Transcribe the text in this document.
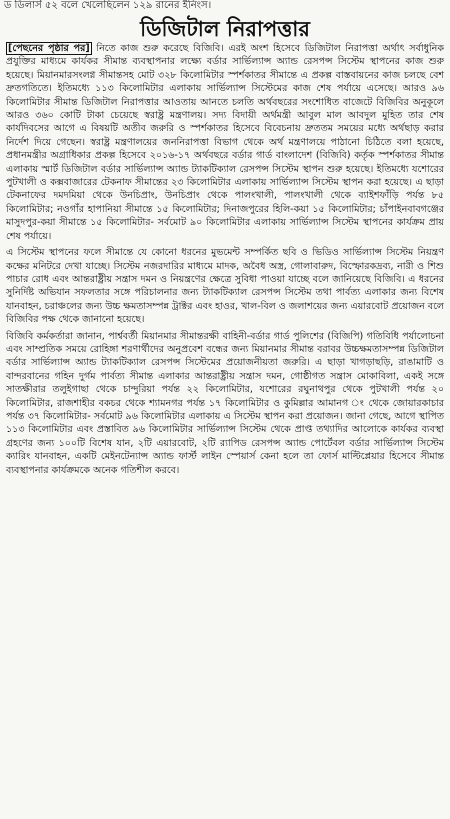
ড ডিলার্স ৫২ বলে খেলেছিলেন ১২৯ রানের ইনিংস।
ডিজিটাল নিরাপত্তার

[পেছনের পৃষ্ঠার পর] নিতে কাজ শুরু করেছে বিজিবি। এরই অংশ হিসেবে ডিজিটাল নিরাপত্তা অর্থাৎ সর্বাধুনিক প্রযুক্তির মাধ্যমে কার্যকর সীমান্ত ব্যবস্থাপনার লক্ষ্যে বর্ডার সার্ভিল্যান্স অ্যান্ড রেসপন্স সিস্টেম স্থাপনের কাজ শুরু হয়েছে। মিয়ানমারসংলগ্ন সীমান্তসহ মোট ৩২৮ কিলোমিটার স্পর্শকাতর সীমান্তে এ প্রকল্প বাস্তবায়নের কাজ চলছে বেশ দ্রুতগতিতে। ইতিমধ্যে ১১৩ কিলোমিটার এলাকায় সার্ভিল্যান্স সিস্টেমের কাজ শেষ পর্যায়ে এসেছে। আরও ৯৬ কিলোমিটার সীমান্ত ডিজিটাল নিরাপত্তার আওতায় আনতে চলতি অর্থবছরের সংশোধিত বাজেটে বিজিবির অনুকূলে আরও ৩৬০ কোটি টাকা চেয়েছে স্বরাষ্ট্র মন্ত্রণালয়। সদ্য বিদায়ী অর্থমন্ত্রী আবুল মাল আবদুল মুহিত তার শেষ কার্যদিবসের আগে এ বিষয়টি অতীব জরুরি ও স্পর্শকাতর হিসেবে বিবেচনায় দ্রুততম সময়ের মধ্যে অর্থছাড় করার নির্দেশ দিয়ে গেছেন। স্বরাষ্ট্র মন্ত্রণালয়ের জননিরাপত্তা বিভাগ থেকে অর্থ মন্ত্রণালয়ে পাঠানো চিঠিতে বলা হয়েছে, প্রধানমন্ত্রীর অগ্রাধিকার প্রকল্প হিসেবে ২০১৬-১৭ অর্থবছরে বর্ডার গার্ড বাংলাদেশ (বিজিবি) কর্তৃক স্পর্শকাতর সীমান্ত এলাকায় স্মার্ট ডিজিটাল বর্ডার সার্ভিল্যান্স অ্যান্ড ট্যাকটিক্যাল রেসপন্স সিস্টেম স্থাপন শুরু হয়েছে। ইতিমধ্যে যশোরের পুটখালী ও কক্সবাজারের টেকনাফ সীমান্তের ২৩ কিলোমিটার এলাকায় সার্ভিল্যান্স সিস্টেম স্থাপন করা হয়েছে। এ ছাড়া টেকনাফের দমদমিয়া থেকে উনচিপ্রাং, উনচিপ্রাং থেকে পালংখালী, পালংখালী থেকে ব্যাইশফাঁড়ি পর্যন্ত ৮৫ কিলোমিটার; নওগাঁর হাপানিয়া সীমান্তে ১৫ কিলোমিটার; দিনাজপুরের হিলি-কয়া ১৫ কিলোমিটার; চাঁপাইনবাবগঞ্জের মাসুদপুর-কয়া সীমান্তে ১৫ কিলোমিটার- সর্বমোট ৯০ কিলোমিটার এলাকায় সার্ভিল্যান্স সিস্টেম স্থাপনের কার্যক্রম প্রায় শেষ পর্যায়ে।

এ সিস্টেম স্থাপনের ফলে সীমান্তে যে কোনো ধরনের মুভমেন্ট সম্পর্কিত ছবি ও ভিডিও সার্ভিল্যান্স সিস্টেম নিয়ন্ত্রণ কক্ষের মনিটরে দেখা যাচ্ছে। সিস্টেম নজরদারির মাধ্যমে মাদক, অবৈধ অস্ত্র, গোলাবারুদ, বিস্ফোরকদ্রব্য, নারী ও শিশু পাচার রোধ এবং আন্তরাষ্ট্রীয় সন্ত্রাস দমন ও নিয়ন্ত্রণের ক্ষেত্রে সুবিধা পাওয়া যাচ্ছে বলে জানিয়েছে বিজিবি। এ ধরনের সুনির্দিষ্ট অভিযান সফলতার সঙ্গে পরিচালনার জন্য ট্যাকটিক্যাল রেসপন্স সিস্টেম তথা পার্বত্য এলাকার জন্য বিশেষ যানবাহন, চরাঞ্চলের জন্য উচ্চ ক্ষমতাসম্পন্ন ট্রাক্টর এবং হাওর, খাল-বিল ও জলাশয়ের জন্য এয়ারবোট প্রয়োজন বলে বিজিবির পক্ষ থেকে জানানো হয়েছে।

বিজিবি কর্মকর্তারা জানান, পার্শ্ববর্তী মিয়ানমার সীমান্তরক্ষী বাহিনী-বর্ডার গার্ড পুলিশের (বিজিপি) গতিবিধি পর্যালোচনা এবং সাম্প্রতিক সময়ে রোহিঙ্গা শরণার্থীদের অনুপ্রবেশ বন্ধের জন্য মিয়ানমার সীমান্ত বরাবর উচ্চক্ষমতাসম্পন্ন ডিজিটাল বর্ডার সার্ভিল্যান্স অ্যান্ড ট্যাকটিক্যাল রেসপন্স সিস্টেমের প্রয়োজনীয়তা জরুরি। এ ছাড়া খাগড়াছড়ি, রাঙামাটি ও বান্দরবানের গহিন দুর্গম পার্বত্য সীমান্ত এলাকার আন্তরাষ্ট্রীয় সন্ত্রাস দমন, গোষ্ঠীগত সন্ত্রাস মোকাবিলা, একই সঙ্গে সাতক্ষীরার তলুইগাছা থেকে চান্দুরিয়া পর্যন্ত ২২ কিলোমিটার, যশোরের রঘুনাথপুর থেকে পুটখালী পর্যন্ত ২০ কিলোমিটার, রাজশাহীর বকচর থেকে শ্যামনগর পর্যন্ত ১৭ কিলোমিটার ও কুমিল্লার আমানগ ং থেকে জোয়ারকাচার পর্যন্ত ৩৭ কিলোমিটার- সর্বমোট ৯৬ কিলোমিটার এলাকায় এ সিস্টেম স্থাপন করা প্রয়োজন। জানা গেছে, আগে স্থাপিত ১১৩ কিলোমিটার এবং প্রস্তাবিত ৯৬ কিলোমিটার সার্ভিল্যান্স সিস্টেম থেকে প্রাপ্ত তথ্যাদির আলোকে কার্যকর ব্যবস্থা গ্রহণের জন্য ১০০টি বিশেষ যান, ২টি এয়ারবোট, ২টি র‍্যাপিড রেসপন্স অ্যান্ড পোর্টেবল বর্ডার সার্ভিল্যান্স সিস্টেম ক্যারিং যানবাহন, একটি মেইনটেন্যান্স অ্যান্ড ফার্স্ট লাইন স্পেয়ার্স কেনা হলে তা ফোর্স মাল্টিপ্লেয়ার হিসেবে সীমান্ত ব্যবস্থাপনার কার্যক্রমকে অনেক গতিশীল করবে।
